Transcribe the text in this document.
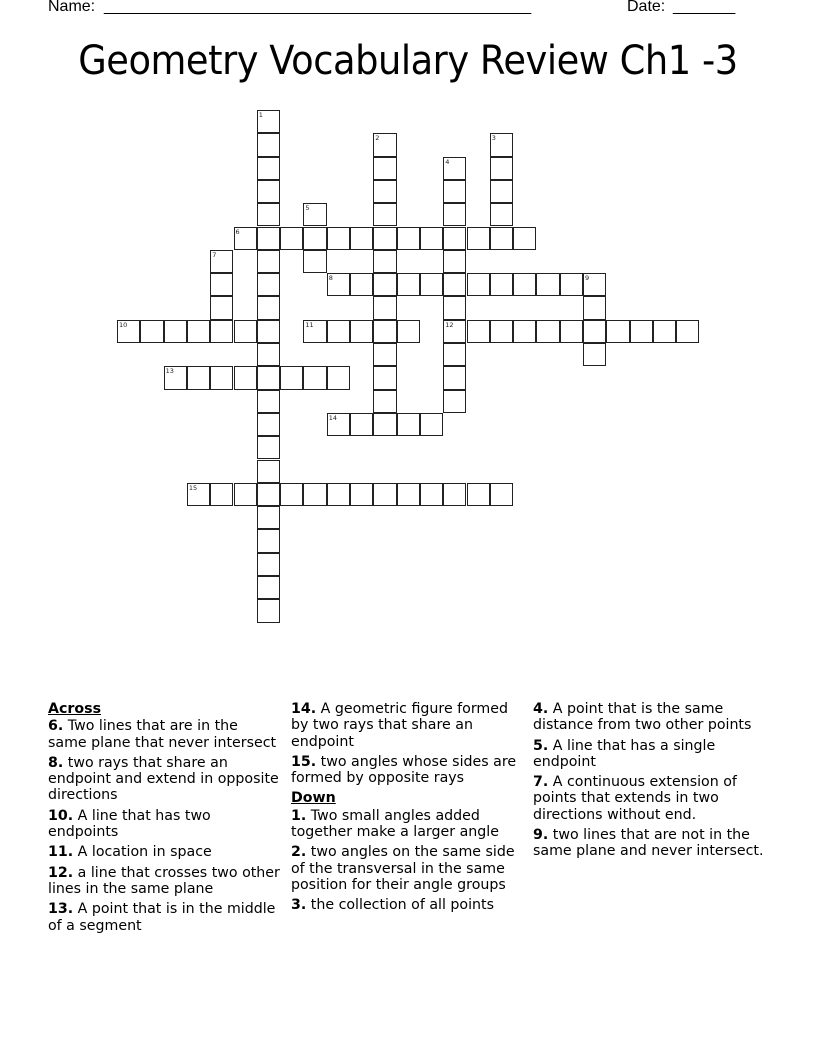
Name: ________________________________________________	Date: _______
Geometry Vocabulary Review Ch1 -3
1
2	3
4
12
5
6
7
8	9
10	11
13
14
15
Across
6. Two lines that are in the same plane that never intersect
8. two rays that share an endpoint and extend in opposite directions
10. A line that has two endpoints
11. A location in space
12. a line that crosses two other lines in the same plane
13. A point that is in the middle of a segment
14. A geometric figure formed by two rays that share an endpoint
15. two angles whose sides are formed by opposite rays
Down
1. Two small angles added together make a larger angle
2. two angles on the same side of the transversal in the same position for their angle groups
3. the collection of all points
4. A point that is the same distance from two other points
5. A line that has a single endpoint
7. A continuous extension of points that extends in two directions without end.
9. two lines that are not in the same plane and never intersect.
